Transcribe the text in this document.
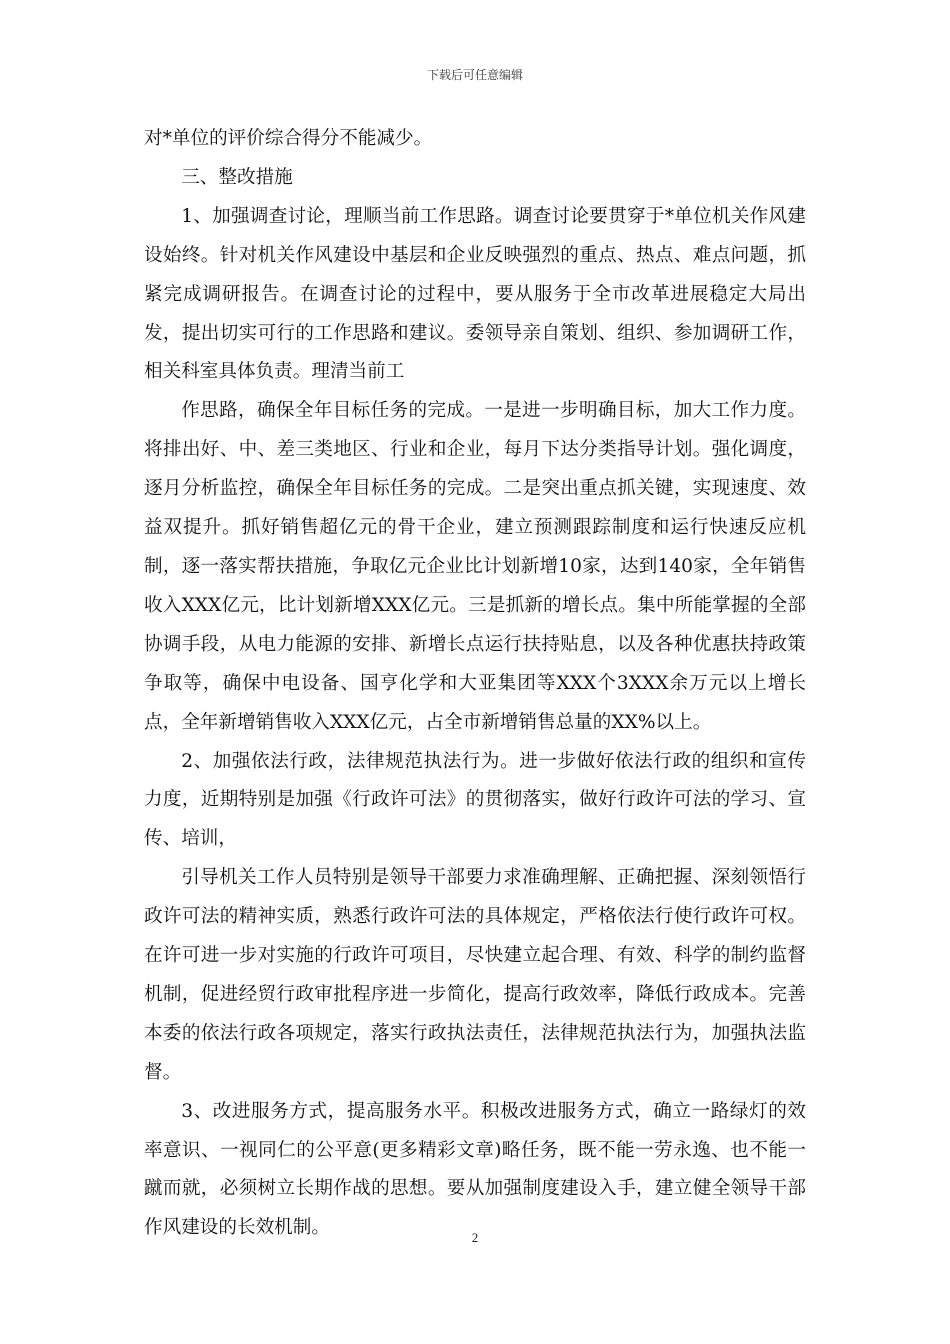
下载后可任意编辑

对*单位的评价综合得分不能减少。

三、整改措施

1、加强调查讨论，理顺当前工作思路。调查讨论要贯穿于*单位机关作风建设始终。针对机关作风建设中基层和企业反映强烈的重点、热点、难点问题，抓紧完成调研报告。在调查讨论的过程中，要从服务于全市改革进展稳定大局出发，提出切实可行的工作思路和建议。委领导亲自策划、组织、参加调研工作，相关科室具体负责。理清当前工

作思路，确保全年目标任务的完成。一是进一步明确目标，加大工作力度。将排出好、中、差三类地区、行业和企业，每月下达分类指导计划。强化调度，逐月分析监控，确保全年目标任务的完成。二是突出重点抓关键，实现速度、效益双提升。抓好销售超亿元的骨干企业，建立预测跟踪制度和运行快速反应机制，逐一落实帮扶措施，争取亿元企业比计划新增10家，达到140家，全年销售收入XXX亿元，比计划新增XXX亿元。三是抓新的增长点。集中所能掌握的全部协调手段，从电力能源的安排、新增长点运行扶持贴息，以及各种优惠扶持政策争取等，确保中电设备、国亨化学和大亚集团等XXX个3XXX余万元以上增长点，全年新增销售收入XXX亿元，占全市新增销售总量的XX%以上。

2、加强依法行政，法律规范执法行为。进一步做好依法行政的组织和宣传力度，近期特别是加强《行政许可法》的贯彻落实，做好行政许可法的学习、宣传、培训，

引导机关工作人员特别是领导干部要力求准确理解、正确把握、深刻领悟行政许可法的精神实质，熟悉行政许可法的具体规定，严格依法行使行政许可权。在许可进一步对实施的行政许可项目，尽快建立起合理、有效、科学的制约监督机制，促进经贸行政审批程序进一步简化，提高行政效率，降低行政成本。完善本委的依法行政各项规定，落实行政执法责任，法律规范执法行为，加强执法监督。

3、改进服务方式，提高服务水平。积极改进服务方式，确立一路绿灯的效率意识、一视同仁的公平意(更多精彩文章)略任务，既不能一劳永逸、也不能一蹴而就，必须树立长期作战的思想。要从加强制度建设入手，建立健全领导干部作风建设的长效机制。	2
